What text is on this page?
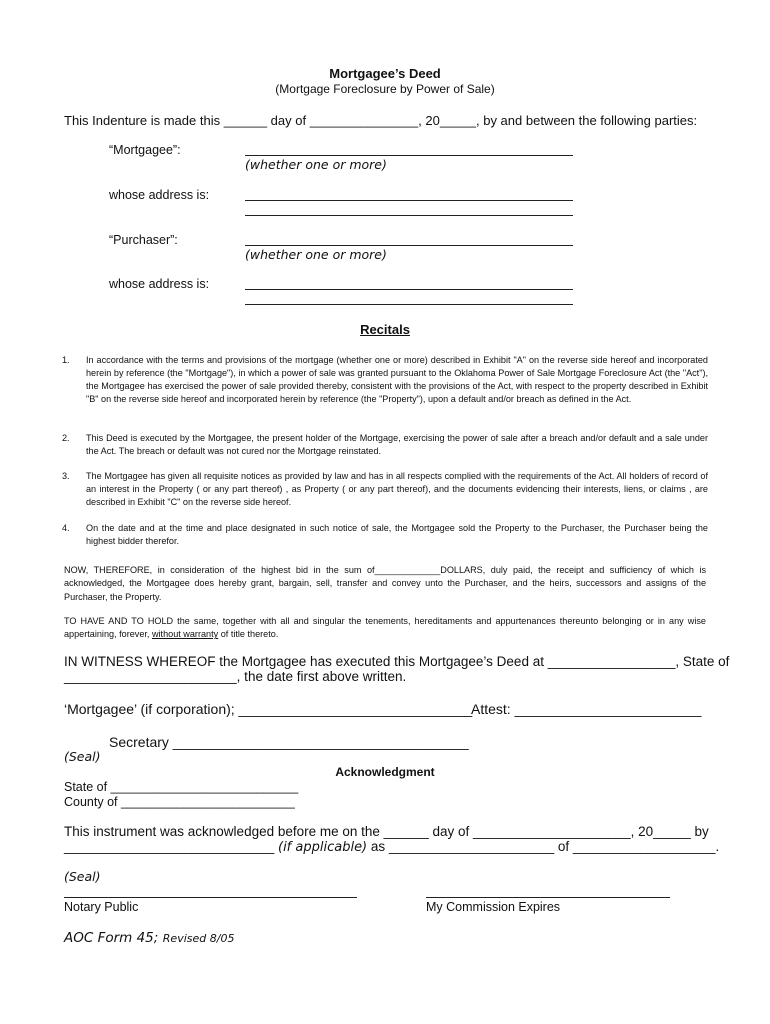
Mortgagee’s Deed
(Mortgage Foreclosure by Power of Sale)
This Indenture is made this ______ day of _______________, 20_____, by and between the following parties:
“Mortgagee”:
(whether one or more)
whose address is:
“Purchaser”:
(whether one or more)
whose address is:
Recitals
1. In accordance with the terms and provisions of the mortgage (whether one or more) described in Exhibit "A" on the reverse side hereof and incorporated herein by reference (the "Mortgage"), in which a power of sale was granted pursuant to the Oklahoma Power of Sale Mortgage Foreclosure Act (the "Act"), the Mortgagee has exercised the power of sale provided thereby, consistent with the provisions of the Act, with respect to the property described in Exhibit "B" on the reverse side hereof and incorporated herein by reference (the "Property"), upon a default and/or breach as defined in the Act.
2. This Deed is executed by the Mortgagee, the present holder of the Mortgage, exercising the power of sale after a breach and/or default and a sale under the Act. The breach or default was not cured nor the Mortgage reinstated.
3. The Mortgagee has given all requisite notices as provided by law and has in all respects complied with the requirements of the Act. All holders of record of an interest in the Property ( or any part thereof) , as Property ( or any part thereof), and the documents evidencing their interests, liens, or claims , are described in Exhibit "C" on the reverse side hereof.
4. On the date and at the time and place designated in such notice of sale, the Mortgagee sold the Property to the Purchaser, the Purchaser being the highest bidder therefor.
NOW, THEREFORE, in consideration of the highest bid in the sum of_____________DOLLARS, duly paid, the receipt and sufficiency of which is acknowledged, the Mortgagee does hereby grant, bargain, sell, transfer and convey unto the Purchaser, and the heirs, successors and assigns of the Purchaser, the Property.
TO HAVE AND TO HOLD the same, together with all and singular the tenements, hereditaments and appurtenances thereunto belonging or in any wise appertaining, forever, without warranty of title thereto.
IN WITNESS WHEREOF the Mortgagee has executed this Mortgagee’s Deed at _________________, State of
_______________________, the date first above written.
‘Mortgagee’ (if corporation); ______________________________
Attest: ________________________
Secretary ______________________________________
(Seal)
Acknowledgment
State of ___________________________
County of _________________________
This instrument was acknowledged before me on the ______ day of _____________________, 20_____ by
____________________________ (if applicable) as ______________________ of ___________________.
(Seal)
Notary Public	My Commission Expires
AOC Form 45; Revised 8/05
